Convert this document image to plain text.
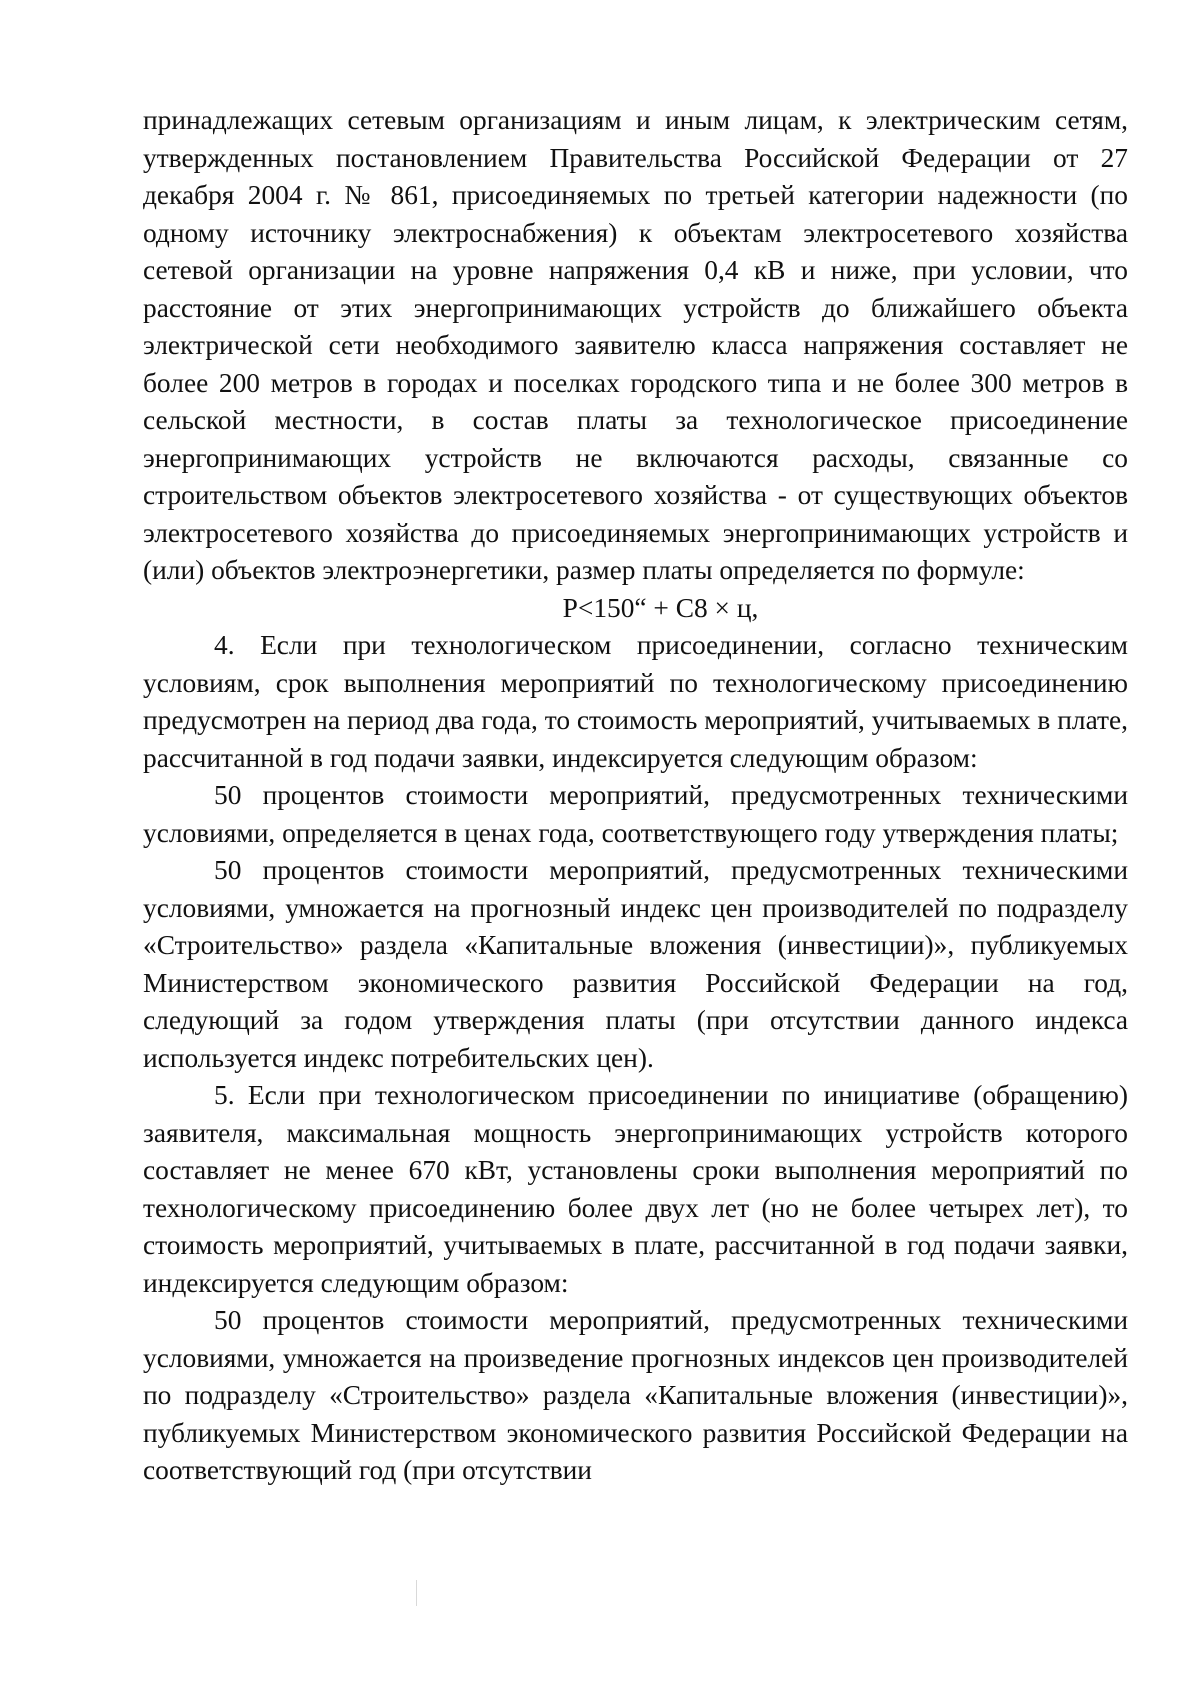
принадлежащих сетевым организациям и иным лицам, к электрическим сетям, утвержденных постановлением Правительства Российской Федерации от 27 декабря 2004 г. № 861, присоединяемых по третьей категории надежности (по одному источнику электроснабжения) к объектам электросетевого хозяйства сетевой организации на уровне напряжения 0,4 кВ и ниже, при условии, что расстояние от этих энергопринимающих устройств до ближайшего объекта электрической сети необходимого заявителю класса напряжения составляет не более 200 метров в городах и поселках городского типа и не более 300 метров в сельской местности, в состав платы за технологическое присоединение энергопринимающих устройств не включаются расходы, связанные со строительством объектов электросетевого хозяйства - от существующих объектов электросетевого хозяйства до присоединяемых энергопринимающих устройств и (или) объектов электроэнергетики, размер платы определяется по формуле:

P<150“ + C8 × ц,

4. Если при технологическом присоединении, согласно техническим условиям, срок выполнения мероприятий по технологическому присоединению предусмотрен на период два года, то стоимость мероприятий, учитываемых в плате, рассчитанной в год подачи заявки, индексируется следующим образом:

50 процентов стоимости мероприятий, предусмотренных техническими условиями, определяется в ценах года, соответствующего году утверждения платы;

50 процентов стоимости мероприятий, предусмотренных техническими условиями, умножается на прогнозный индекс цен производителей по подразделу «Строительство» раздела «Капитальные вложения (инвестиции)», публикуемых Министерством экономического развития Российской Федерации на год, следующий за годом утверждения платы (при отсутствии данного индекса используется индекс потребительских цен).

5. Если при технологическом присоединении по инициативе (обращению) заявителя, максимальная мощность энергопринимающих устройств которого составляет не менее 670 кВт, установлены сроки выполнения мероприятий по технологическому присоединению более двух лет (но не более четырех лет), то стоимость мероприятий, учитываемых в плате, рассчитанной в год подачи заявки, индексируется следующим образом:

50 процентов стоимости мероприятий, предусмотренных техническими условиями, умножается на произведение прогнозных индексов цен производителей по подразделу «Строительство» раздела «Капитальные вложения (инвестиции)», публикуемых Министерством экономического развития Российской Федерации на соответствующий год (при отсутствии
